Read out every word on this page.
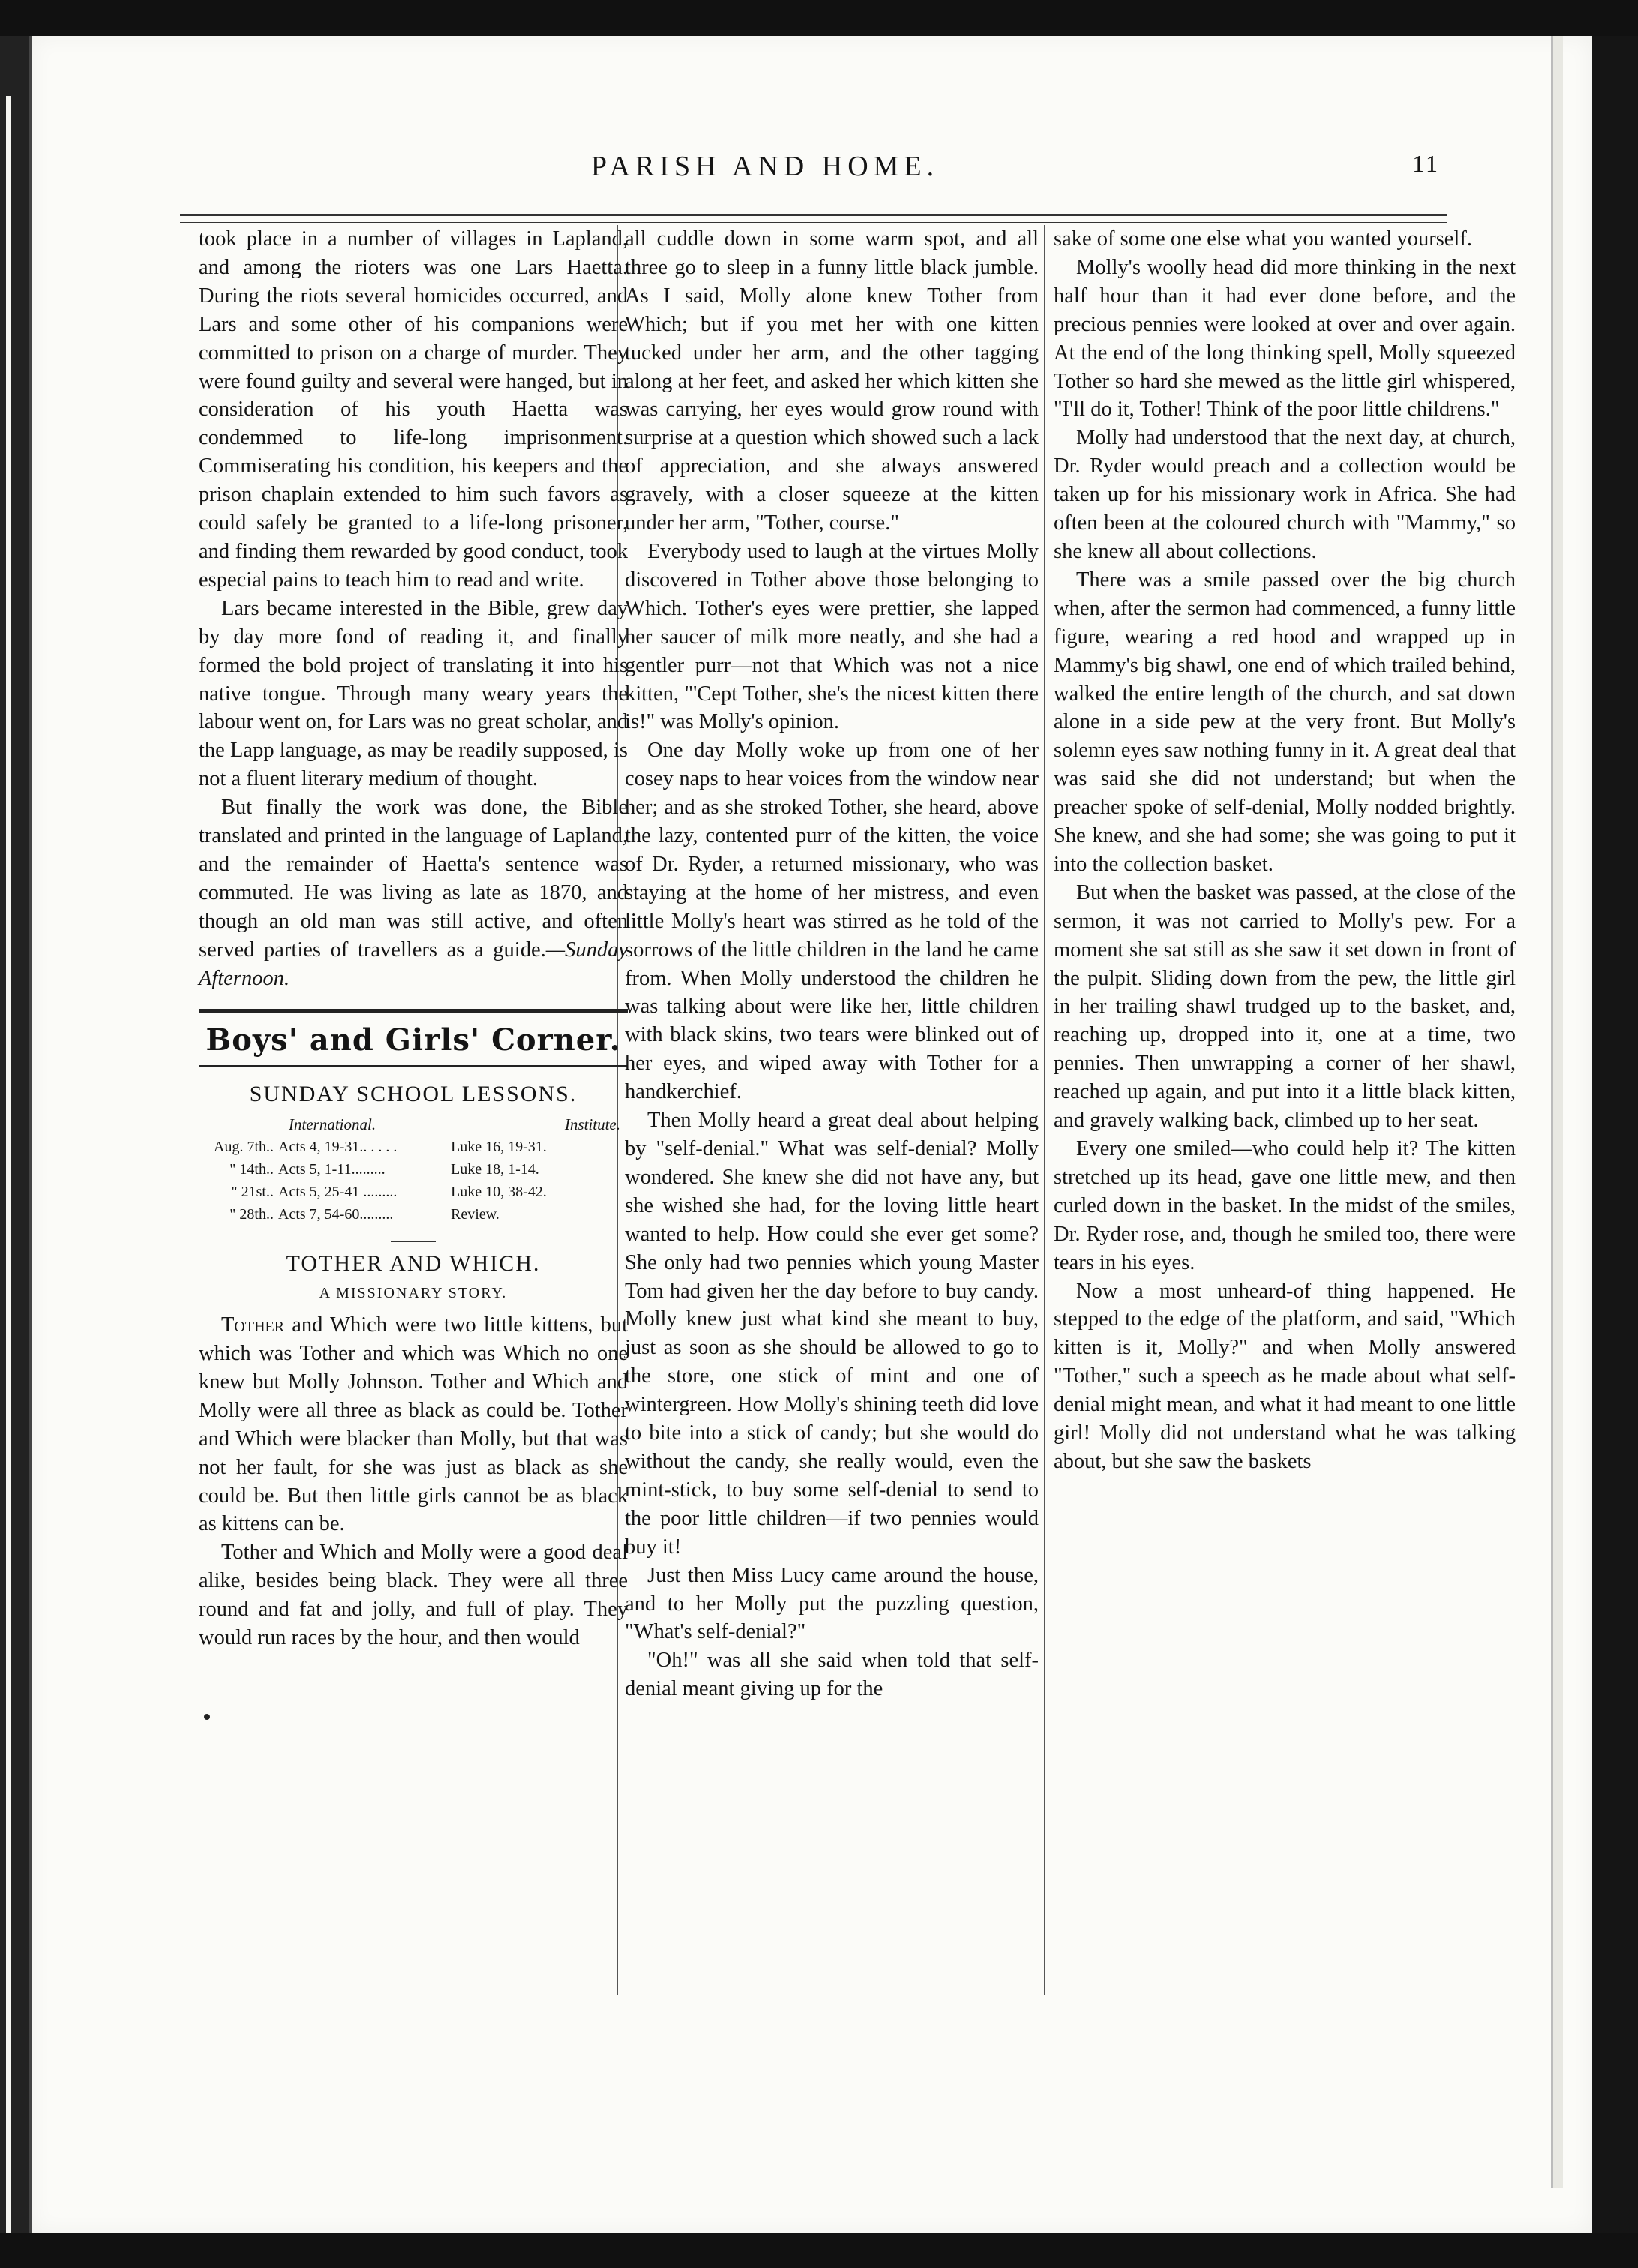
PARISH AND HOME.	11

took place in a number of villages in Lapland, and among the rioters was one Lars Haetta. During the riots several homicides occurred, and Lars and some other of his companions were committed to prison on a charge of murder. They were found guilty and several were hanged, but in consideration of his youth Haetta was condemmed to life-long imprisonment. Commiserating his condition, his keepers and the prison chaplain extended to him such favors as could safely be granted to a life-long prisoner, and finding them rewarded by good conduct, took especial pains to teach him to read and write.

Lars became interested in the Bible, grew day by day more fond of reading it, and finally formed the bold project of translating it into his native tongue. Through many weary years the labour went on, for Lars was no great scholar, and the Lapp language, as may be readily supposed, is not a fluent literary medium of thought.

But finally the work was done, the Bible translated and printed in the language of Lapland, and the remainder of Haetta's sentence was commuted. He was living as late as 1870, and though an old man was still active, and often served parties of travellers as a guide.—Sunday Afternoon.

Boys' and Girls' Corner.
SUNDAY SCHOOL LESSONS.
International.	Institute.
Aug. 7th.. Acts 4, 19-31.. . . . .	Luke 16, 19-31.
" 14th.. Acts 5, 1-11.........	Luke 18, 1-14.
" 21st.. Acts 5, 25-41 .........	Luke 10, 38-42.
" 28th.. Acts 7, 54-60.........	Review.
TOTHER AND WHICH.
A MISSIONARY STORY.

Tother and Which were two little kittens, but which was Tother and which was Which no one knew but Molly Johnson. Tother and Which and Molly were all three as black as could be. Tother and Which were blacker than Molly, but that was not her fault, for she was just as black as she could be. But then little girls cannot be as black as kittens can be.

Tother and Which and Molly were a good deal alike, besides being black. They were all three round and fat and jolly, and full of play. They would run races by the hour, and then would

all cuddle down in some warm spot, and all three go to sleep in a funny little black jumble. As I said, Molly alone knew Tother from Which; but if you met her with one kitten tucked under her arm, and the other tagging along at her feet, and asked her which kitten she was carrying, her eyes would grow round with surprise at a question which showed such a lack of appreciation, and she always answered gravely, with a closer squeeze at the kitten under her arm, "Tother, course."

Everybody used to laugh at the virtues Molly discovered in Tother above those belonging to Which. Tother's eyes were prettier, she lapped her saucer of milk more neatly, and she had a gentler purr—not that Which was not a nice kitten, "'Cept Tother, she's the nicest kitten there is!" was Molly's opinion.

One day Molly woke up from one of her cosey naps to hear voices from the window near her; and as she stroked Tother, she heard, above the lazy, contented purr of the kitten, the voice of Dr. Ryder, a returned missionary, who was staying at the home of her mistress, and even little Molly's heart was stirred as he told of the sorrows of the little children in the land he came from. When Molly understood the children he was talking about were like her, little children with black skins, two tears were blinked out of her eyes, and wiped away with Tother for a handkerchief.

Then Molly heard a great deal about helping by "self-denial." What was self-denial? Molly wondered. She knew she did not have any, but she wished she had, for the loving little heart wanted to help. How could she ever get some? She only had two pennies which young Master Tom had given her the day before to buy candy. Molly knew just what kind she meant to buy, just as soon as she should be allowed to go to the store, one stick of mint and one of wintergreen. How Molly's shining teeth did love to bite into a stick of candy; but she would do without the candy, she really would, even the mint-stick, to buy some self-denial to send to the poor little children—if two pennies would buy it!

Just then Miss Lucy came around the house, and to her Molly put the puzzling question, "What's self-denial?"

"Oh!" was all she said when told that self-denial meant giving up for the

sake of some one else what you wanted yourself.

Molly's woolly head did more thinking in the next half hour than it had ever done before, and the precious pennies were looked at over and over again. At the end of the long thinking spell, Molly squeezed Tother so hard she mewed as the little girl whispered, "I'll do it, Tother! Think of the poor little childrens."

Molly had understood that the next day, at church, Dr. Ryder would preach and a collection would be taken up for his missionary work in Africa. She had often been at the coloured church with "Mammy," so she knew all about collections.

There was a smile passed over the big church when, after the sermon had commenced, a funny little figure, wearing a red hood and wrapped up in Mammy's big shawl, one end of which trailed behind, walked the entire length of the church, and sat down alone in a side pew at the very front. But Molly's solemn eyes saw nothing funny in it. A great deal that was said she did not understand; but when the preacher spoke of self-denial, Molly nodded brightly. She knew, and she had some; she was going to put it into the collection basket.

But when the basket was passed, at the close of the sermon, it was not carried to Molly's pew. For a moment she sat still as she saw it set down in front of the pulpit. Sliding down from the pew, the little girl in her trailing shawl trudged up to the basket, and, reaching up, dropped into it, one at a time, two pennies. Then unwrapping a corner of her shawl, reached up again, and put into it a little black kitten, and gravely walking back, climbed up to her seat.

Every one smiled—who could help it? The kitten stretched up its head, gave one little mew, and then curled down in the basket. In the midst of the smiles, Dr. Ryder rose, and, though he smiled too, there were tears in his eyes.

Now a most unheard-of thing happened. He stepped to the edge of the platform, and said, "Which kitten is it, Molly?" and when Molly answered "Tother," such a speech as he made about what self-denial might mean, and what it had meant to one little girl! Molly did not understand what he was talking about, but she saw the baskets
